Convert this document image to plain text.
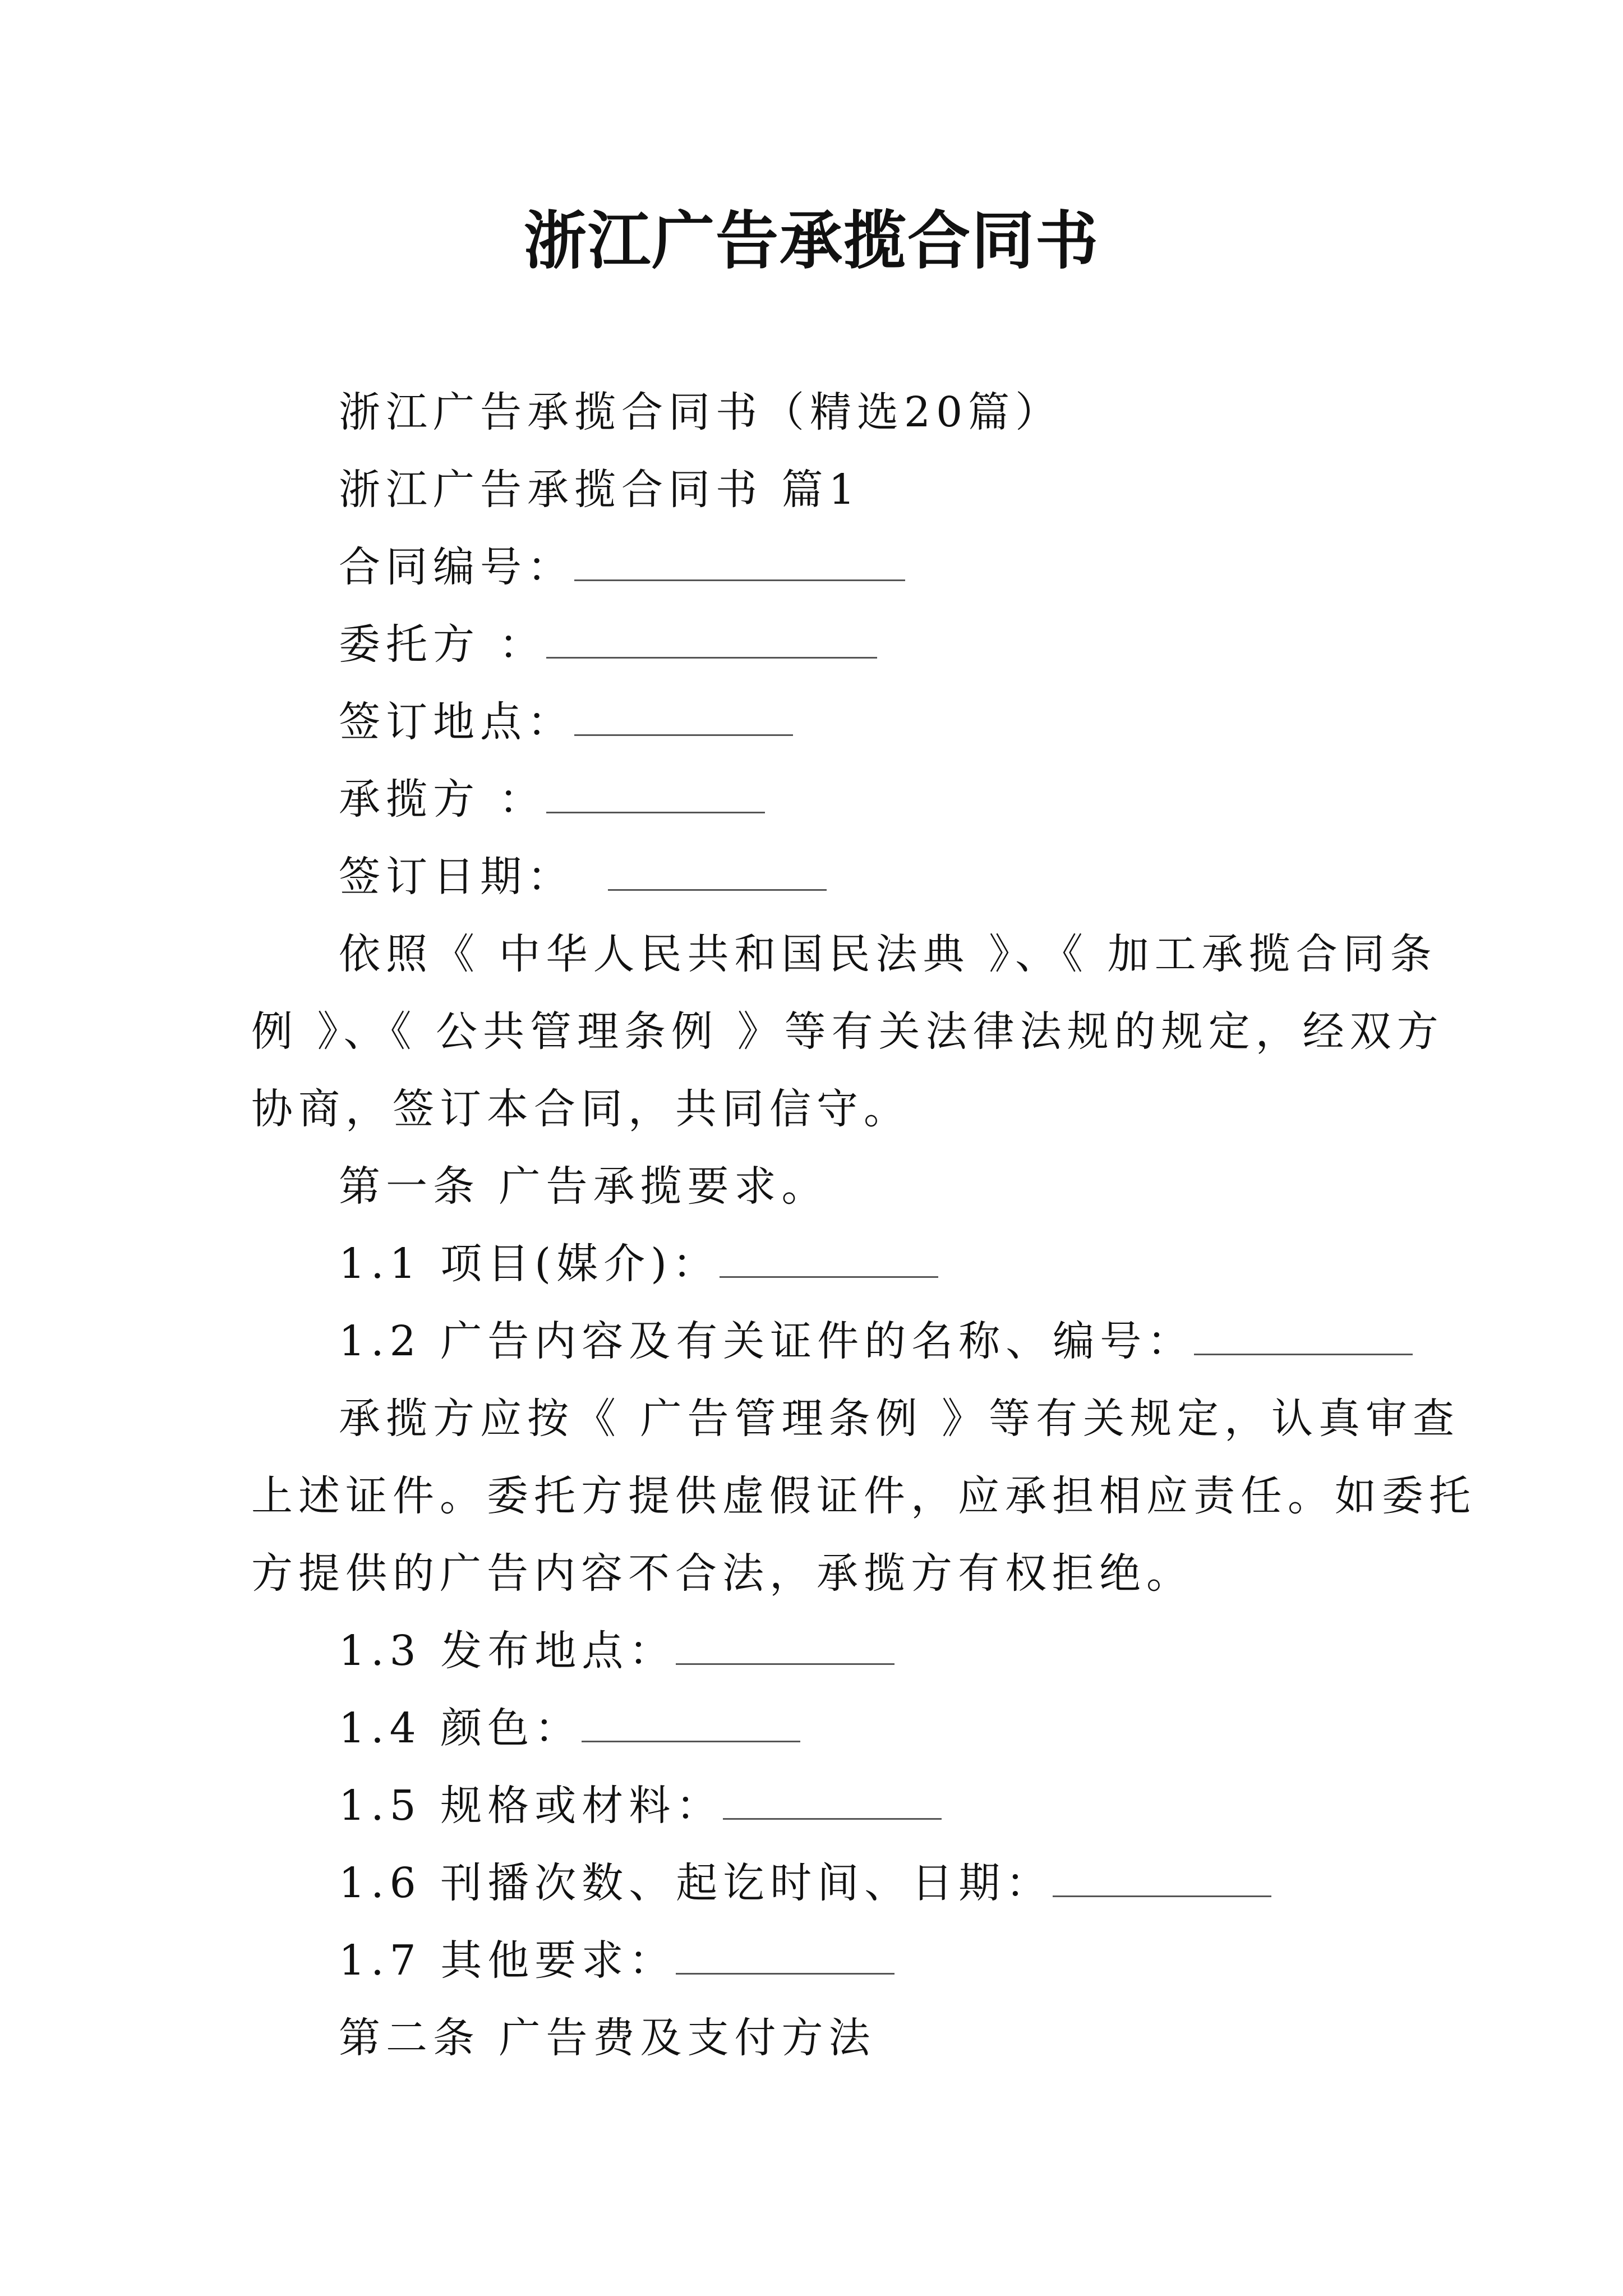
浙江广告承揽合同书
浙江广告承揽合同书（精选20篇）
浙江广告承揽合同书 篇1
合同编号：
委托方 ：
签订地点：
承揽方 ：
签订日期：
依照《 中华人民共和国民法典 》、《 加工承揽合同条
例 》、《 公共管理条例 》等有关法律法规的规定，经双方
协商，签订本合同，共同信守。
第一条 广告承揽要求。
1.1 项目(媒介)：
1.2 广告内容及有关证件的名称、编号：
承揽方应按《 广告管理条例 》等有关规定，认真审查
上述证件。委托方提供虚假证件，应承担相应责任。如委托
方提供的广告内容不合法，承揽方有权拒绝。
1.3 发布地点：
1.4 颜色：
1.5 规格或材料：
1.6 刊播次数、起讫时间、日期：
1.7 其他要求：
第二条 广告费及支付方法
